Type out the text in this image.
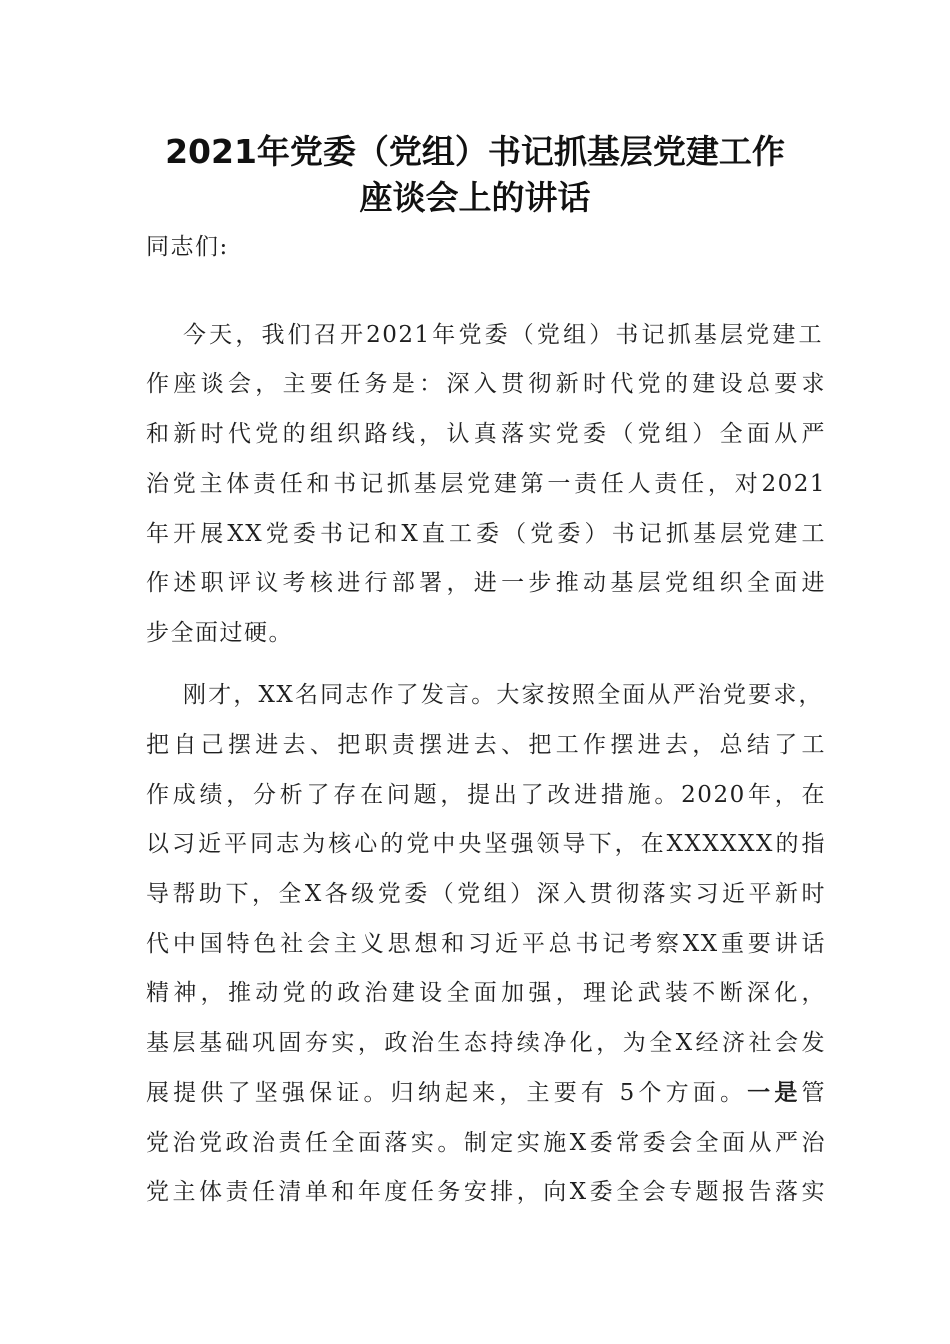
2021年党委（党组）书记抓基层党建工作
座谈会上的讲话
同志们:
今天，我们召开2021年党委（党组）书记抓基层党建工
作座谈会，主要任务是：深入贯彻新时代党的建设总要求
和新时代党的组织路线，认真落实党委（党组）全面从严
治党主体责任和书记抓基层党建第一责任人责任，对2021
年开展XX党委书记和X直工委（党委）书记抓基层党建工
作述职评议考核进行部署，进一步推动基层党组织全面进
步全面过硬。
刚才，XX名同志作了发言。大家按照全面从严治党要求，
把自己摆进去、把职责摆进去、把工作摆进去，总结了工
作成绩，分析了存在问题，提出了改进措施。2020年，在
以习近平同志为核心的党中央坚强领导下，在XXXXXX的指
导帮助下，全X各级党委（党组）深入贯彻落实习近平新时
代中国特色社会主义思想和习近平总书记考察XX重要讲话
精神，推动党的政治建设全面加强，理论武装不断深化，
基层基础巩固夯实，政治生态持续净化，为全X经济社会发
展提供了坚强保证。归纳起来，主要有 5个方面。一是管
党治党政治责任全面落实。制定实施X委常委会全面从严治
党主体责任清单和年度任务安排，向X委全会专题报告落实
